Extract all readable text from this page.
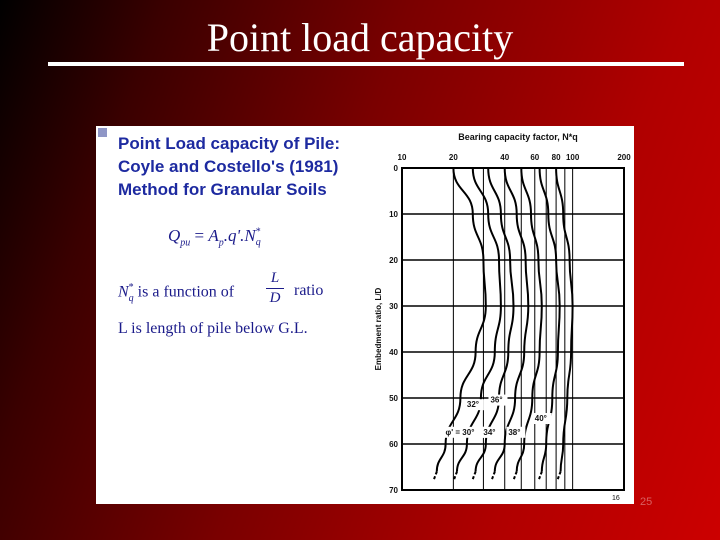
Point load capacity
Point Load capacity of Pile:
Coyle and Costello's (1981)
Method for Granular Soils
$Q_{pu} = A_p.q'.N^*_q$
$N^*_q$ is a function of
L
D ratio
L is length of pile below G.L.
Bearing capacity factor, N*q
10	20	40	60 80 100	200
0
10
20
30
40
50
60
70
Embedment ratio, L/D
φ' = 30°
32°
34°
36°
38°
40°
16 25
